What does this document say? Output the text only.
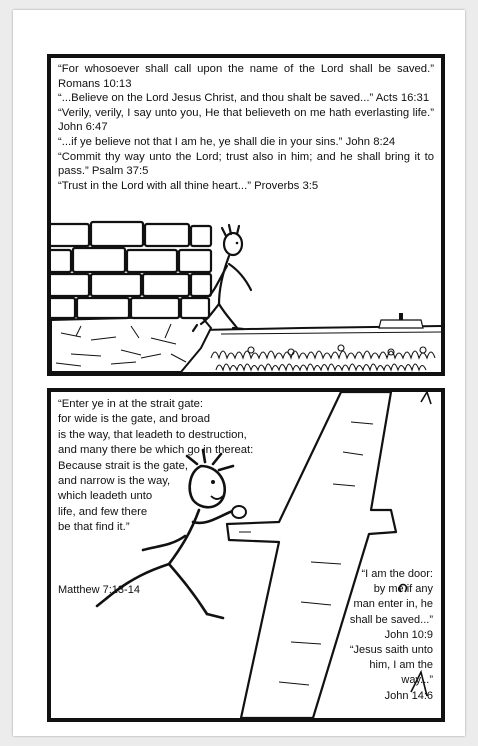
“For whosoever shall call upon the name of the Lord shall be saved.” Romans 10:13

“...Believe on the Lord Jesus Christ, and thou shalt be saved...” Acts 16:31

“Verily, verily, I say unto you, He that believeth on me hath everlasting life.” John 6:47

“...if ye believe not that I am he, ye shall die in your sins.” John 8:24

“Commit thy way unto the Lord; trust also in him; and he shall bring it to pass.” Psalm 37:5

“Trust in the Lord with all thine heart...” Proverbs 3:5

“Enter ye in at the strait gate:

for wide is the gate, and broad

is the way, that leadeth to destruction,

and many there be which go in thereat:

Because strait is the gate,

and narrow is the way,

which leadeth unto

life, and few there

be that find it.”

Matthew 7:13-14

“I am the door:

by me if any

man enter in, he

shall be saved...”

John 10:9

“Jesus saith unto

him, I am the way...”

John 14:6
